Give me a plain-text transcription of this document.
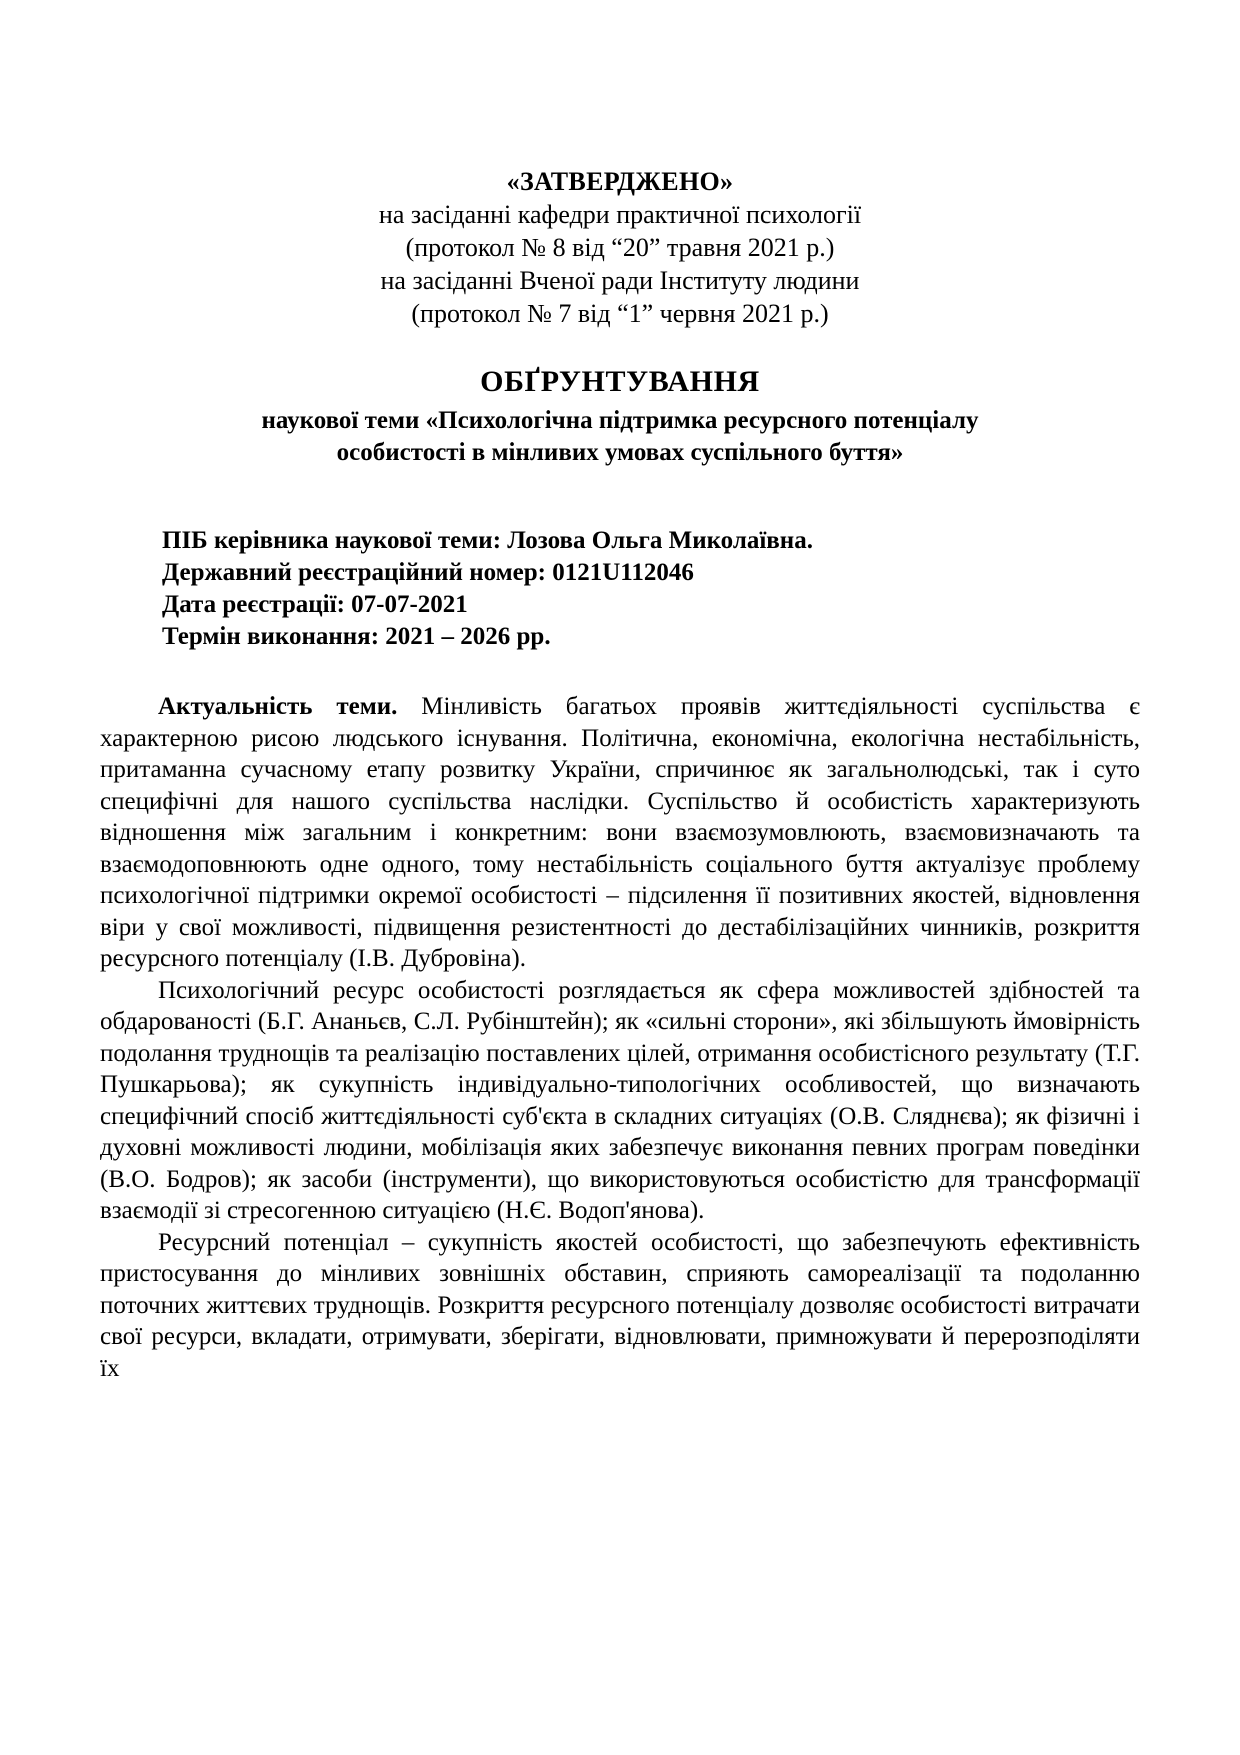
«ЗАТВЕРДЖЕНО»
на засіданні кафедри практичної психології
(протокол № 8 від “20” травня 2021 р.)
на засіданні Вченої ради Інституту людини
(протокол № 7 від “1” червня 2021 р.)
ОБҐРУНТУВАННЯ
наукової теми «Психологічна підтримка ресурсного потенціалу
особистості в мінливих умовах суспільного буття»
ПІБ керівника наукової теми: Лозова Ольга Миколаївна.
Державний реєстраційний номер: 0121U112046
Дата реєстрації: 07-07-2021
Термін виконання: 2021 – 2026 рр.

Актуальність теми. Мінливість багатьох проявів життєдіяльності суспільства є характерною рисою людського існування. Політична, економічна, екологічна нестабільність, притаманна сучасному етапу розвитку України, спричинює як загальнолюдські, так і суто специфічні для нашого суспільства наслідки. Суспільство й особистість характеризують відношення між загальним і конкретним: вони взаємозумовлюють, взаємовизначають та взаємодоповнюють одне одного, тому нестабільність соціального буття актуалізує проблему психологічної підтримки окремої особистості – підсилення її позитивних якостей, відновлення віри у свої можливості, підвищення резистентності до дестабілізаційних чинників, розкриття ресурсного потенціалу (І.В. Дубровіна).

Психологічний ресурс особистості розглядається як сфера можливостей здібностей та обдарованості (Б.Г. Ананьєв, С.Л. Рубінштейн); як «сильні сторони», які збільшують ймовірність подолання труднощів та реалізацію поставлених цілей, отримання особистісного результату (Т.Г. Пушкарьова); як сукупність індивідуально-типологічних особливостей, що визначають специфічний спосіб життєдіяльності суб'єкта в складних ситуаціях (О.В. Сляднєва); як фізичні і духовні можливості людини, мобілізація яких забезпечує виконання певних програм поведінки (В.О. Бодров); як засоби (інструменти), що використовуються особистістю для трансформації взаємодії зі стресогенною ситуацією (Н.Є. Водоп'янова).

Ресурсний потенціал – сукупність якостей особистості, що забезпечують ефективність пристосування до мінливих зовнішніх обставин, сприяють самореалізації та подоланню поточних життєвих труднощів. Розкриття ресурсного потенціалу дозволяє особистості витрачати свої ресурси, вкладати, отримувати, зберігати, відновлювати, примножувати й перерозподіляти їх
